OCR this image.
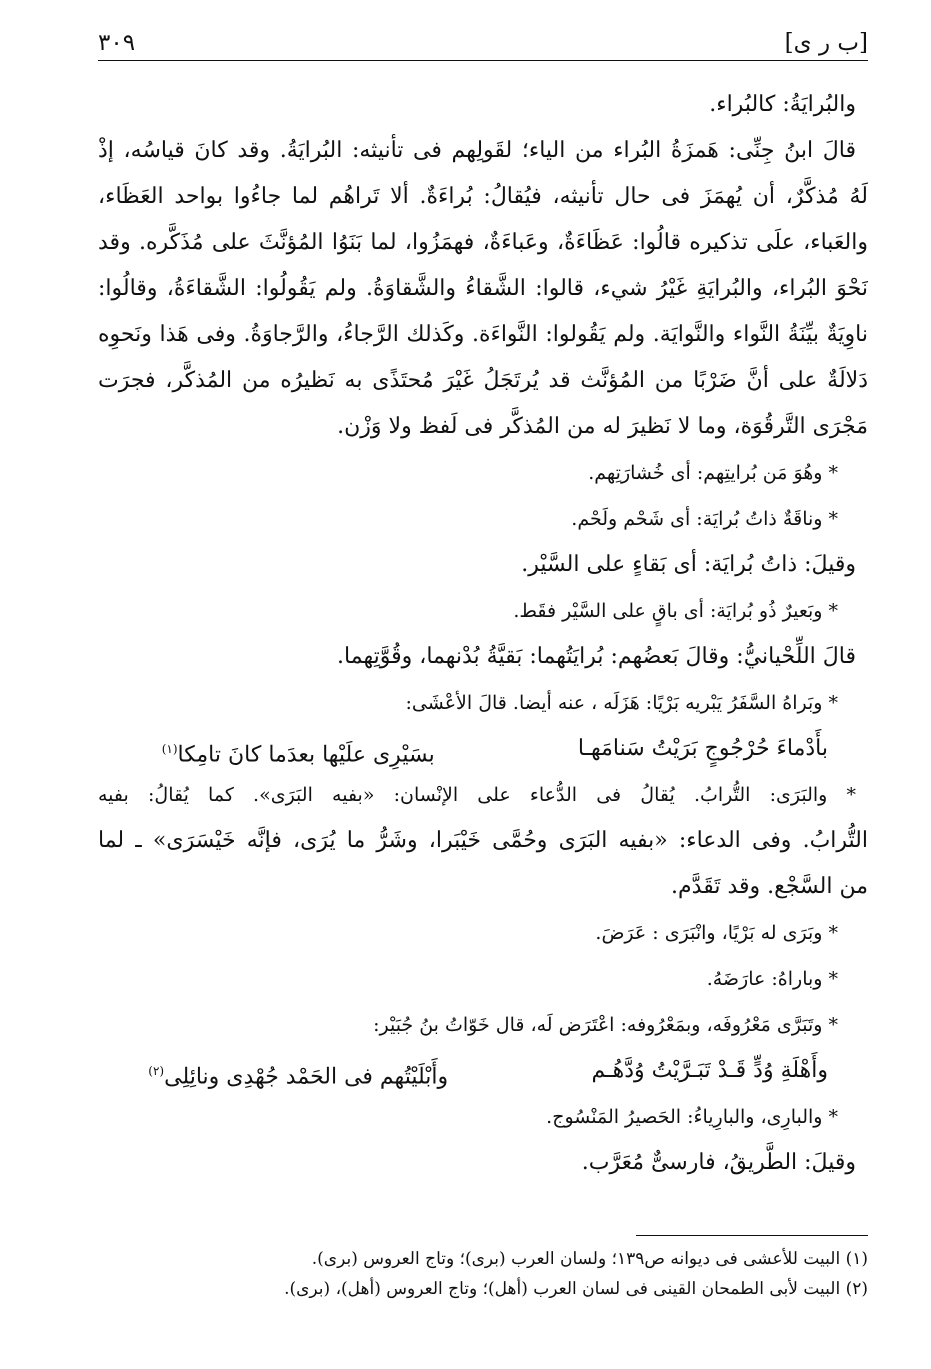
[ب ر ى]
٣٠٩
والبُرايَةُ: كالبُراء.
قالَ ابنُ جِنِّى: هَمزَةُ البُراء من الياء؛ لقَولِهم فى تأنيثه: البُرايَةُ. وقد كانَ قياسُه، إذْ
لَهُ مُذكَّرٌ، أن يُهمَزَ فى حال تأنيثه، فيُقالُ: بُراءَةٌ. ألا تَراهُم لما جاءُوا بواحد العَظَاء،
والعَباء، علَى تذكيره قالُوا: عَظَاءَةٌ، وعَباءَةٌ، فهمَزُوا، لما بَنَوُا المُؤنَّثَ على مُذَكَّره. وقد
نَحْوَ البُراء، والبُرايَةِ غَيْرُ شيء، قالوا: الشَّقاءُ والشَّقاوَةُ. ولم يَقُولُوا: الشَّقاءَةُ، وقالُوا:
ناوِيَةٌ بيِّنَةُ النَّواء والنَّوايَة. ولم يَقُولوا: النَّواءَة. وكَذلك الرَّجاءُ، والرَّجاوَةُ. وفى هَذا ونَحوِه
دَلالَةٌ على أنَّ ضَرْبًا من المُؤنَّث قد يُرتَجَلُ غَيْرَ مُحتَذًى به نَظيرُه من المُذكَّر، فجرَت
مَجْرَى التَّرقُوَة، وما لا نَظيرَ له من المُذكَّر فى لَفظ ولا وَزْن.
* وهُوَ مَن بُرايتِهم: أى خُشارَتِهم.
* وناقَةٌ ذاتُ بُرايَة: أى شَحْم ولَحْم.
وقيلَ: ذاتُ بُرايَة: أى بَقاءٍ على السَّيْر.
* وبَعيرٌ ذُو بُرايَة: أى باقٍ على السَّيْر فقَط.
قالَ اللِّحْيانيُّ: وقالَ بَعضُهم: بُرايَتُهما: بَقيَّةُ بُدْنهما، وقُوَّتِهما.
* وبَراهُ السَّفَرُ يَبْريه بَرْيًا: هَزَلَه ، عنه أيضا. قالَ الأعْشَى:
بأَدْماءَ حُرْجُوجٍ بَرَيْتُ سَنامَهـا
بسَيْرِى علَيْها بعدَما كانَ تامِكا$^{(١)}$
* والبَرَى: التُّرابُ. يُقالُ فى الدُّعاء على الإنْسان: «بفيه البَرَى». كما يُقالُ: بفيه
التُّرابُ. وفى الدعاء: «بفيه البَرَى وحُمَّى خَيْبَرا، وشَرُّ ما يُرَى، فإنَّه خَيْسَرَى» ـ لما
من السَّجْع. وقد تَقَدَّم.
* وبَرَى له بَرْيًا، وانْبَرَى : عَرَضَ.
* وباراهُ: عارَضَهُ.
* وتَبَرَّى مَعْرُوفَه، وبمَعْرُوفه: اعْتَرَض لَه، قال خَوّاتُ بنُ جُبَيْر:
وأَهْلَةِ وُدٍّ قَـدْ تَبَـرَّيْتُ وُدَّهُـم
وأَبْلَيْتُهم فى الحَمْد جُهْدِى ونائِلِى$^{(٢)}$
* والبارِى، والبارِياءُ: الحَصيرُ المَنْسُوج.
وقيلَ: الطَّريقُ، فارسىٌّ مُعَرَّب.
(١) البيت للأعشى فى ديوانه ص١٣٩؛ ولسان العرب (برى)؛ وتاج العروس (برى).
(٢) البيت لأبى الطمحان القينى فى لسان العرب (أهل)؛ وتاج العروس (أهل)، (برى).
